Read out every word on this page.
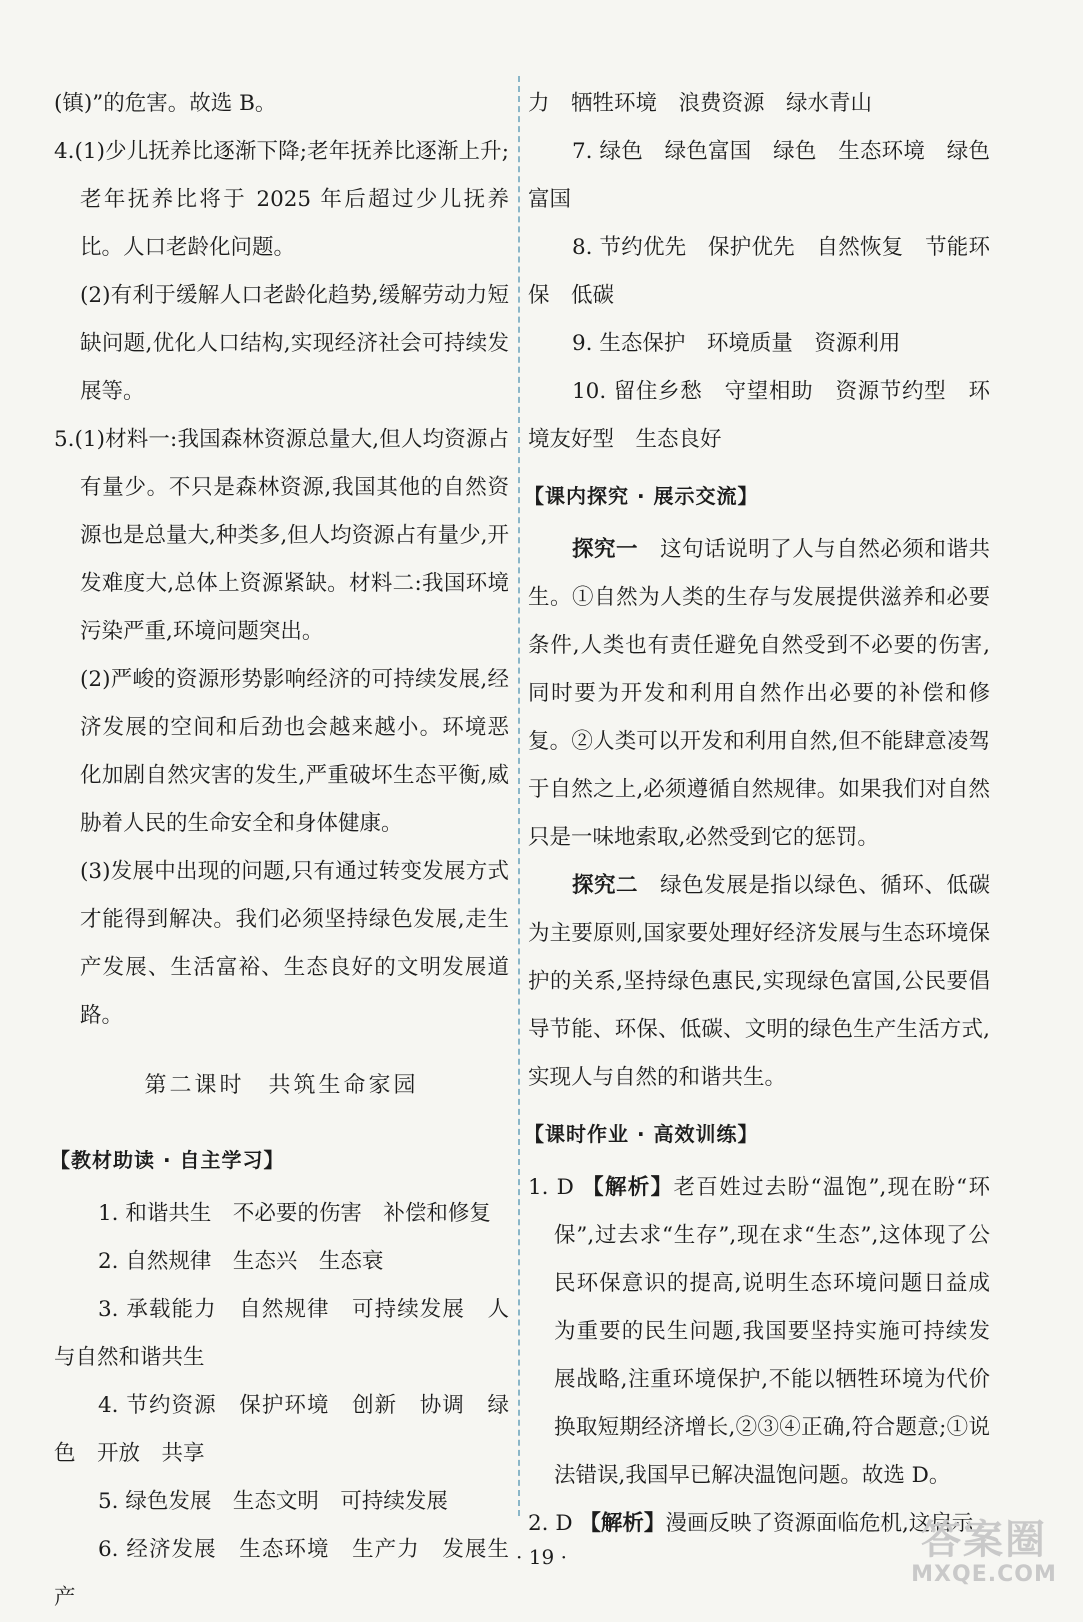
(镇)”的危害。故选 B。

4.(1)少儿抚养比逐渐下降;老年抚养比逐渐上升;老年抚养比将于 2025 年后超过少儿抚养比。人口老龄化问题。

(2)有利于缓解人口老龄化趋势,缓解劳动力短缺问题,优化人口结构,实现经济社会可持续发展等。

5.(1)材料一:我国森林资源总量大,但人均资源占有量少。不只是森林资源,我国其他的自然资源也是总量大,种类多,但人均资源占有量少,开发难度大,总体上资源紧缺。材料二:我国环境污染严重,环境问题突出。

(2)严峻的资源形势影响经济的可持续发展,经济发展的空间和后劲也会越来越小。环境恶化加剧自然灾害的发生,严重破坏生态平衡,威胁着人民的生命安全和身体健康。

(3)发展中出现的问题,只有通过转变发展方式才能得到解决。我们必须坚持绿色发展,走生产发展、生活富裕、生态良好的文明发展道路。

第二课时 共筑生命家园
【教材助读 · 自主学习】

1. 和谐共生　不必要的伤害　补偿和修复

2. 自然规律　生态兴　生态衰

3. 承载能力　自然规律　可持续发展　人与自然和谐共生

4. 节约资源　保护环境　创新　协调　绿色　开放　共享

5. 绿色发展　生态文明　可持续发展

6. 经济发展　生态环境　生产力　发展生产

力　牺牲环境　浪费资源　绿水青山

7. 绿色　绿色富国　绿色　生态环境　绿色富国

8. 节约优先　保护优先　自然恢复　节能环保　低碳

9. 生态保护　环境质量　资源利用

10. 留住乡愁　守望相助　资源节约型　环境友好型　生态良好

【课内探究 · 展示交流】

探究一　这句话说明了人与自然必须和谐共生。①自然为人类的生存与发展提供滋养和必要条件,人类也有责任避免自然受到不必要的伤害,同时要为开发和利用自然作出必要的补偿和修复。②人类可以开发和利用自然,但不能肆意凌驾于自然之上,必须遵循自然规律。如果我们对自然只是一味地索取,必然受到它的惩罚。

探究二　绿色发展是指以绿色、循环、低碳为主要原则,国家要处理好经济发展与生态环境保护的关系,坚持绿色惠民,实现绿色富国,公民要倡导节能、环保、低碳、文明的绿色生产生活方式,实现人与自然的和谐共生。

【课时作业 · 高效训练】

1. D 【解析】老百姓过去盼“温饱”,现在盼“环保”,过去求“生存”,现在求“生态”,这体现了公民环保意识的提高,说明生态环境问题日益成为重要的民生问题,我国要坚持实施可持续发展战略,注重环境保护,不能以牺牲环境为代价换取短期经济增长,②③④正确,符合题意;①说法错误,我国早已解决温饱问题。故选 D。

2. D 【解析】漫画反映了资源面临危机,这启示

· 19 ·	答案圈
MXQE.COM
